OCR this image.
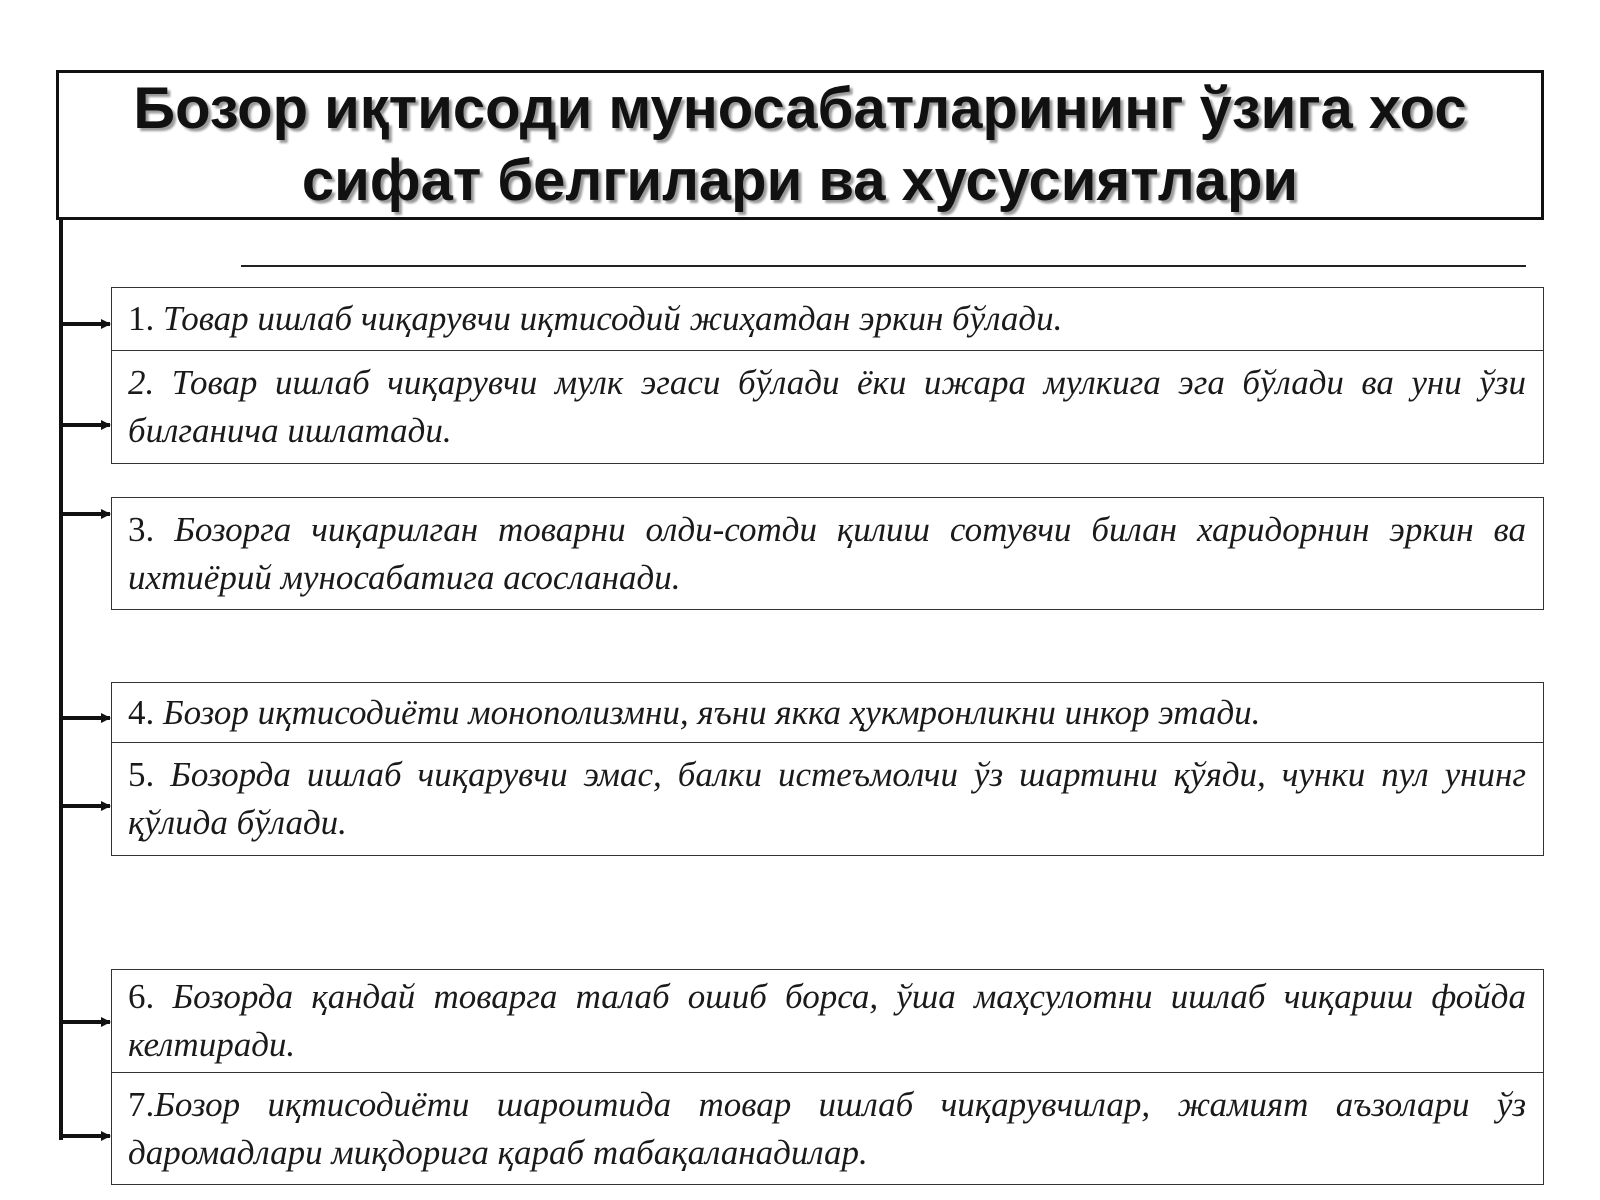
Бозор иқтисоди муносабатларининг ўзига хос
сифат белгилари ва хусусиятлари
1. Товар ишлаб чиқарувчи иқтисодий жиҳатдан эркин бўлади.
2. Товар ишлаб чиқарувчи мулк эгаси бўлади ёки ижара мулкига эга бўлади ва уни ўзи билганича ишлатади.
3. Бозорга чиқарилган товарни олди-сотди қилиш сотувчи билан харидорнин эркин ва ихтиёрий муносабатига асосланади.
4. Бозор иқтисодиёти монополизмни, яъни якка ҳукмронликни инкор этади.
5. Бозорда ишлаб чиқарувчи эмас, балки истеъмолчи ўз шартини қўяди, чунки пул унинг қўлида бўлади.
6. Бозорда қандай товарга талаб ошиб борса, ўша маҳсулотни ишлаб чиқариш фойда келтиради.
7.Бозор иқтисодиёти шароитида товар ишлаб чиқарувчилар, жамият аъзолари ўз даромадлари миқдорига қараб табақаланадилар.
